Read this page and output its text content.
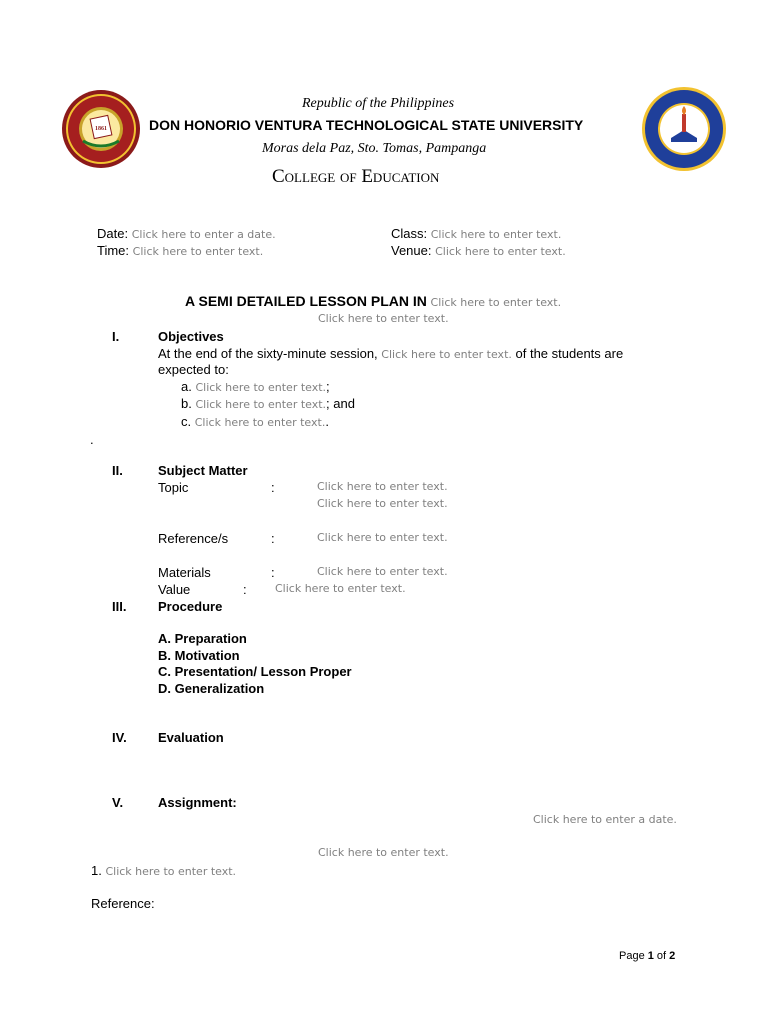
1861
Republic of the Philippines
DON HONORIO VENTURA TECHNOLOGICAL STATE UNIVERSITY
Moras dela Paz, Sto. Tomas, Pampanga
College of Education
Date: Click here to enter a date.
Time: Click here to enter text.
Class: Click here to enter text.
Venue: Click here to enter text.
A SEMI DETAILED LESSON PLAN IN Click here to enter text.
Click here to enter text.
I.	Objectives
At the end of the sixty-minute session, Click here to enter text. of the students are
expected to:
a. Click here to enter text.;
b. Click here to enter text.; and
c. Click here to enter text..
.
II.	Subject Matter
Topic	:	Click here to enter text.
Click here to enter text.
Reference/s	:	Click here to enter text.
Materials	:	Click here to enter text.
Value	:	Click here to enter text.
III. Procedure
A. Preparation
B. Motivation
C. Presentation/ Lesson Proper
D. Generalization
IV. Evaluation
V.	Assignment:
Click here to enter a date.
Click here to enter text.
1. Click here to enter text.
Reference:
Page 1 of 2
